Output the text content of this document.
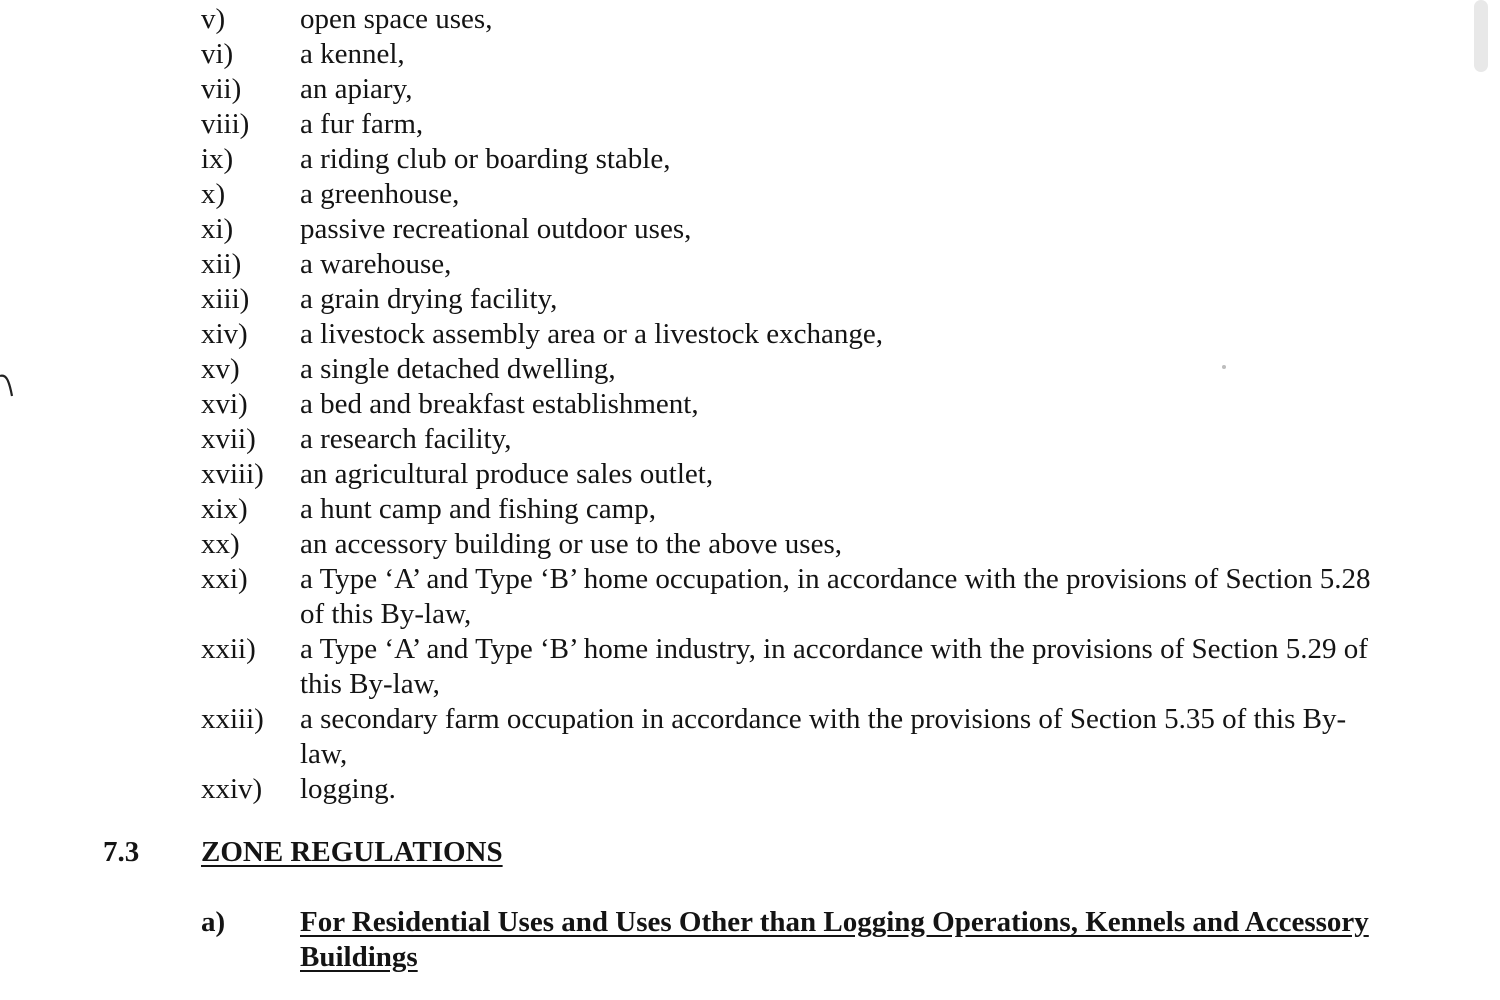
v)	open space uses,
vi) a kennel,
vii) an apiary,
viii) a fur farm,
ix) a riding club or boarding stable,
x)	a greenhouse,
xi) passive recreational outdoor uses,
xii) a warehouse,
xiii) a grain drying facility,
xiv) a livestock assembly area or a livestock exchange,
xv) a single detached dwelling,
xvi) a bed and breakfast establishment,
xvii) a research facility,
xviii) an agricultural produce sales outlet,
xix) a hunt camp and fishing camp,
xx) an accessory building or use to the above uses,
xxi) a Type ‘A’ and Type ‘B’ home occupation, in accordance with the provisions of Section 5.28
of this By-law,
xxii) a Type ‘A’ and Type ‘B’ home industry, in accordance with the provisions of Section 5.29 of
this By-law,
xxiii) a secondary farm occupation in accordance with the provisions of Section 5.35 of this By-
law,
xxiv) logging.
7.3 ZONE REGULATIONS
a)	For Residential Uses and Uses Other than Logging Operations, Kennels and Accessory
Buildings
